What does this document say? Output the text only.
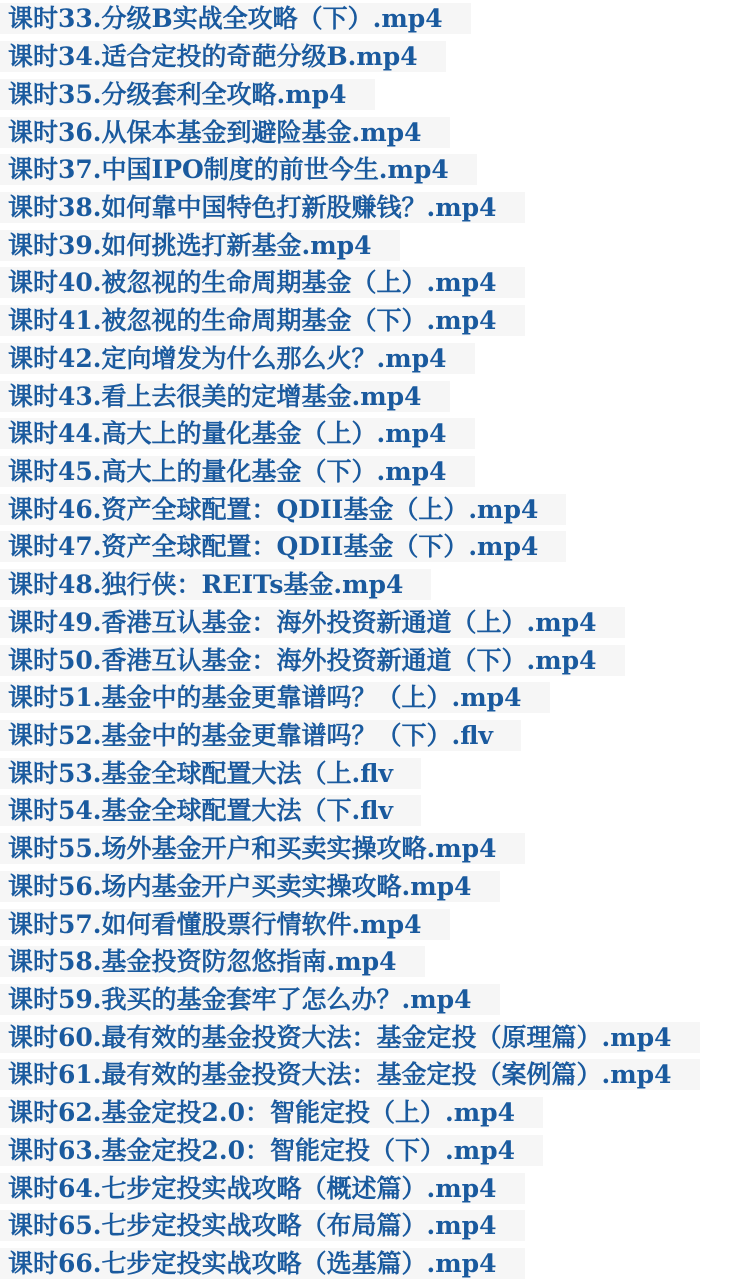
课时33.分级B实战全攻略（下）.mp4
课时34.适合定投的奇葩分级B.mp4
课时35.分级套利全攻略.mp4
课时36.从保本基金到避险基金.mp4
课时37.中国IPO制度的前世今生.mp4
课时38.如何靠中国特色打新股赚钱？.mp4
课时39.如何挑选打新基金.mp4
课时40.被忽视的生命周期基金（上）.mp4
课时41.被忽视的生命周期基金（下）.mp4
课时42.定向增发为什么那么火？.mp4
课时43.看上去很美的定增基金.mp4
课时44.高大上的量化基金（上）.mp4
课时45.高大上的量化基金（下）.mp4
课时46.资产全球配置：QDII基金（上）.mp4
课时47.资产全球配置：QDII基金（下）.mp4
课时48.独行侠：REITs基金.mp4
课时49.香港互认基金：海外投资新通道（上）.mp4
课时50.香港互认基金：海外投资新通道（下）.mp4
课时51.基金中的基金更靠谱吗？（上）.mp4
课时52.基金中的基金更靠谱吗？（下）.flv
课时53.基金全球配置大法（上.flv
课时54.基金全球配置大法（下.flv
课时55.场外基金开户和买卖实操攻略.mp4
课时56.场内基金开户买卖实操攻略.mp4
课时57.如何看懂股票行情软件.mp4
课时58.基金投资防忽悠指南.mp4
课时59.我买的基金套牢了怎么办？.mp4
课时60.最有效的基金投资大法：基金定投（原理篇）.mp4
课时61.最有效的基金投资大法：基金定投（案例篇）.mp4
课时62.基金定投2.0：智能定投（上）.mp4
课时63.基金定投2.0：智能定投（下）.mp4
课时64.七步定投实战攻略（概述篇）.mp4
课时65.七步定投实战攻略（布局篇）.mp4
课时66.七步定投实战攻略（选基篇）.mp4
